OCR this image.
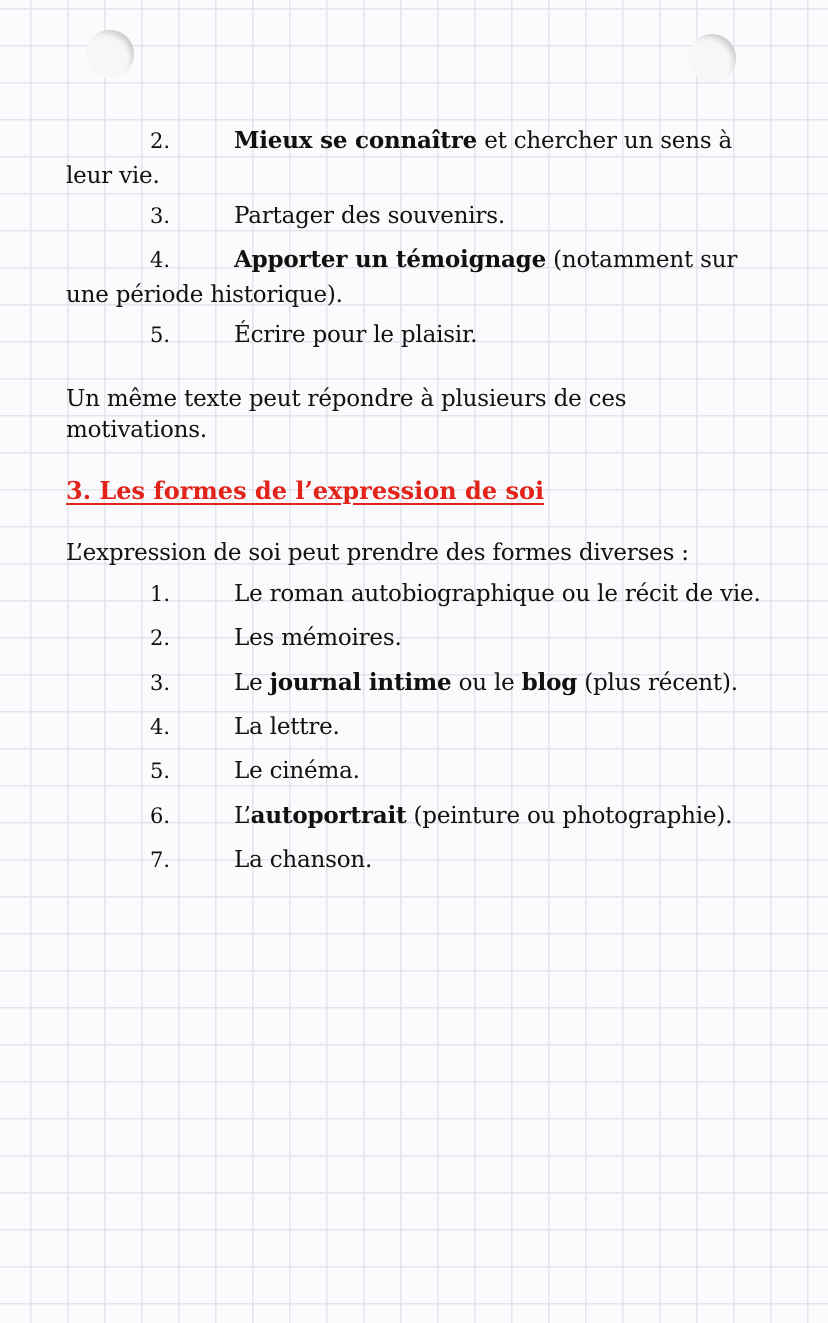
2.	Mieux se connaître et chercher un sens à
leur vie.
3.	Partager des souvenirs.
4.	Apporter un témoignage (notamment sur
une période historique).
5.	Écrire pour le plaisir.
Un même texte peut répondre à plusieurs de ces
motivations.
3. Les formes de l’expression de soi
L’expression de soi peut prendre des formes diverses :
1.	Le roman autobiographique ou le récit de vie.
2.	Les mémoires.
3.	Le journal intime ou le blog (plus récent).
4.	La lettre.
5.	Le cinéma.
6.	L’autoportrait (peinture ou photographie).
7.	La chanson.
